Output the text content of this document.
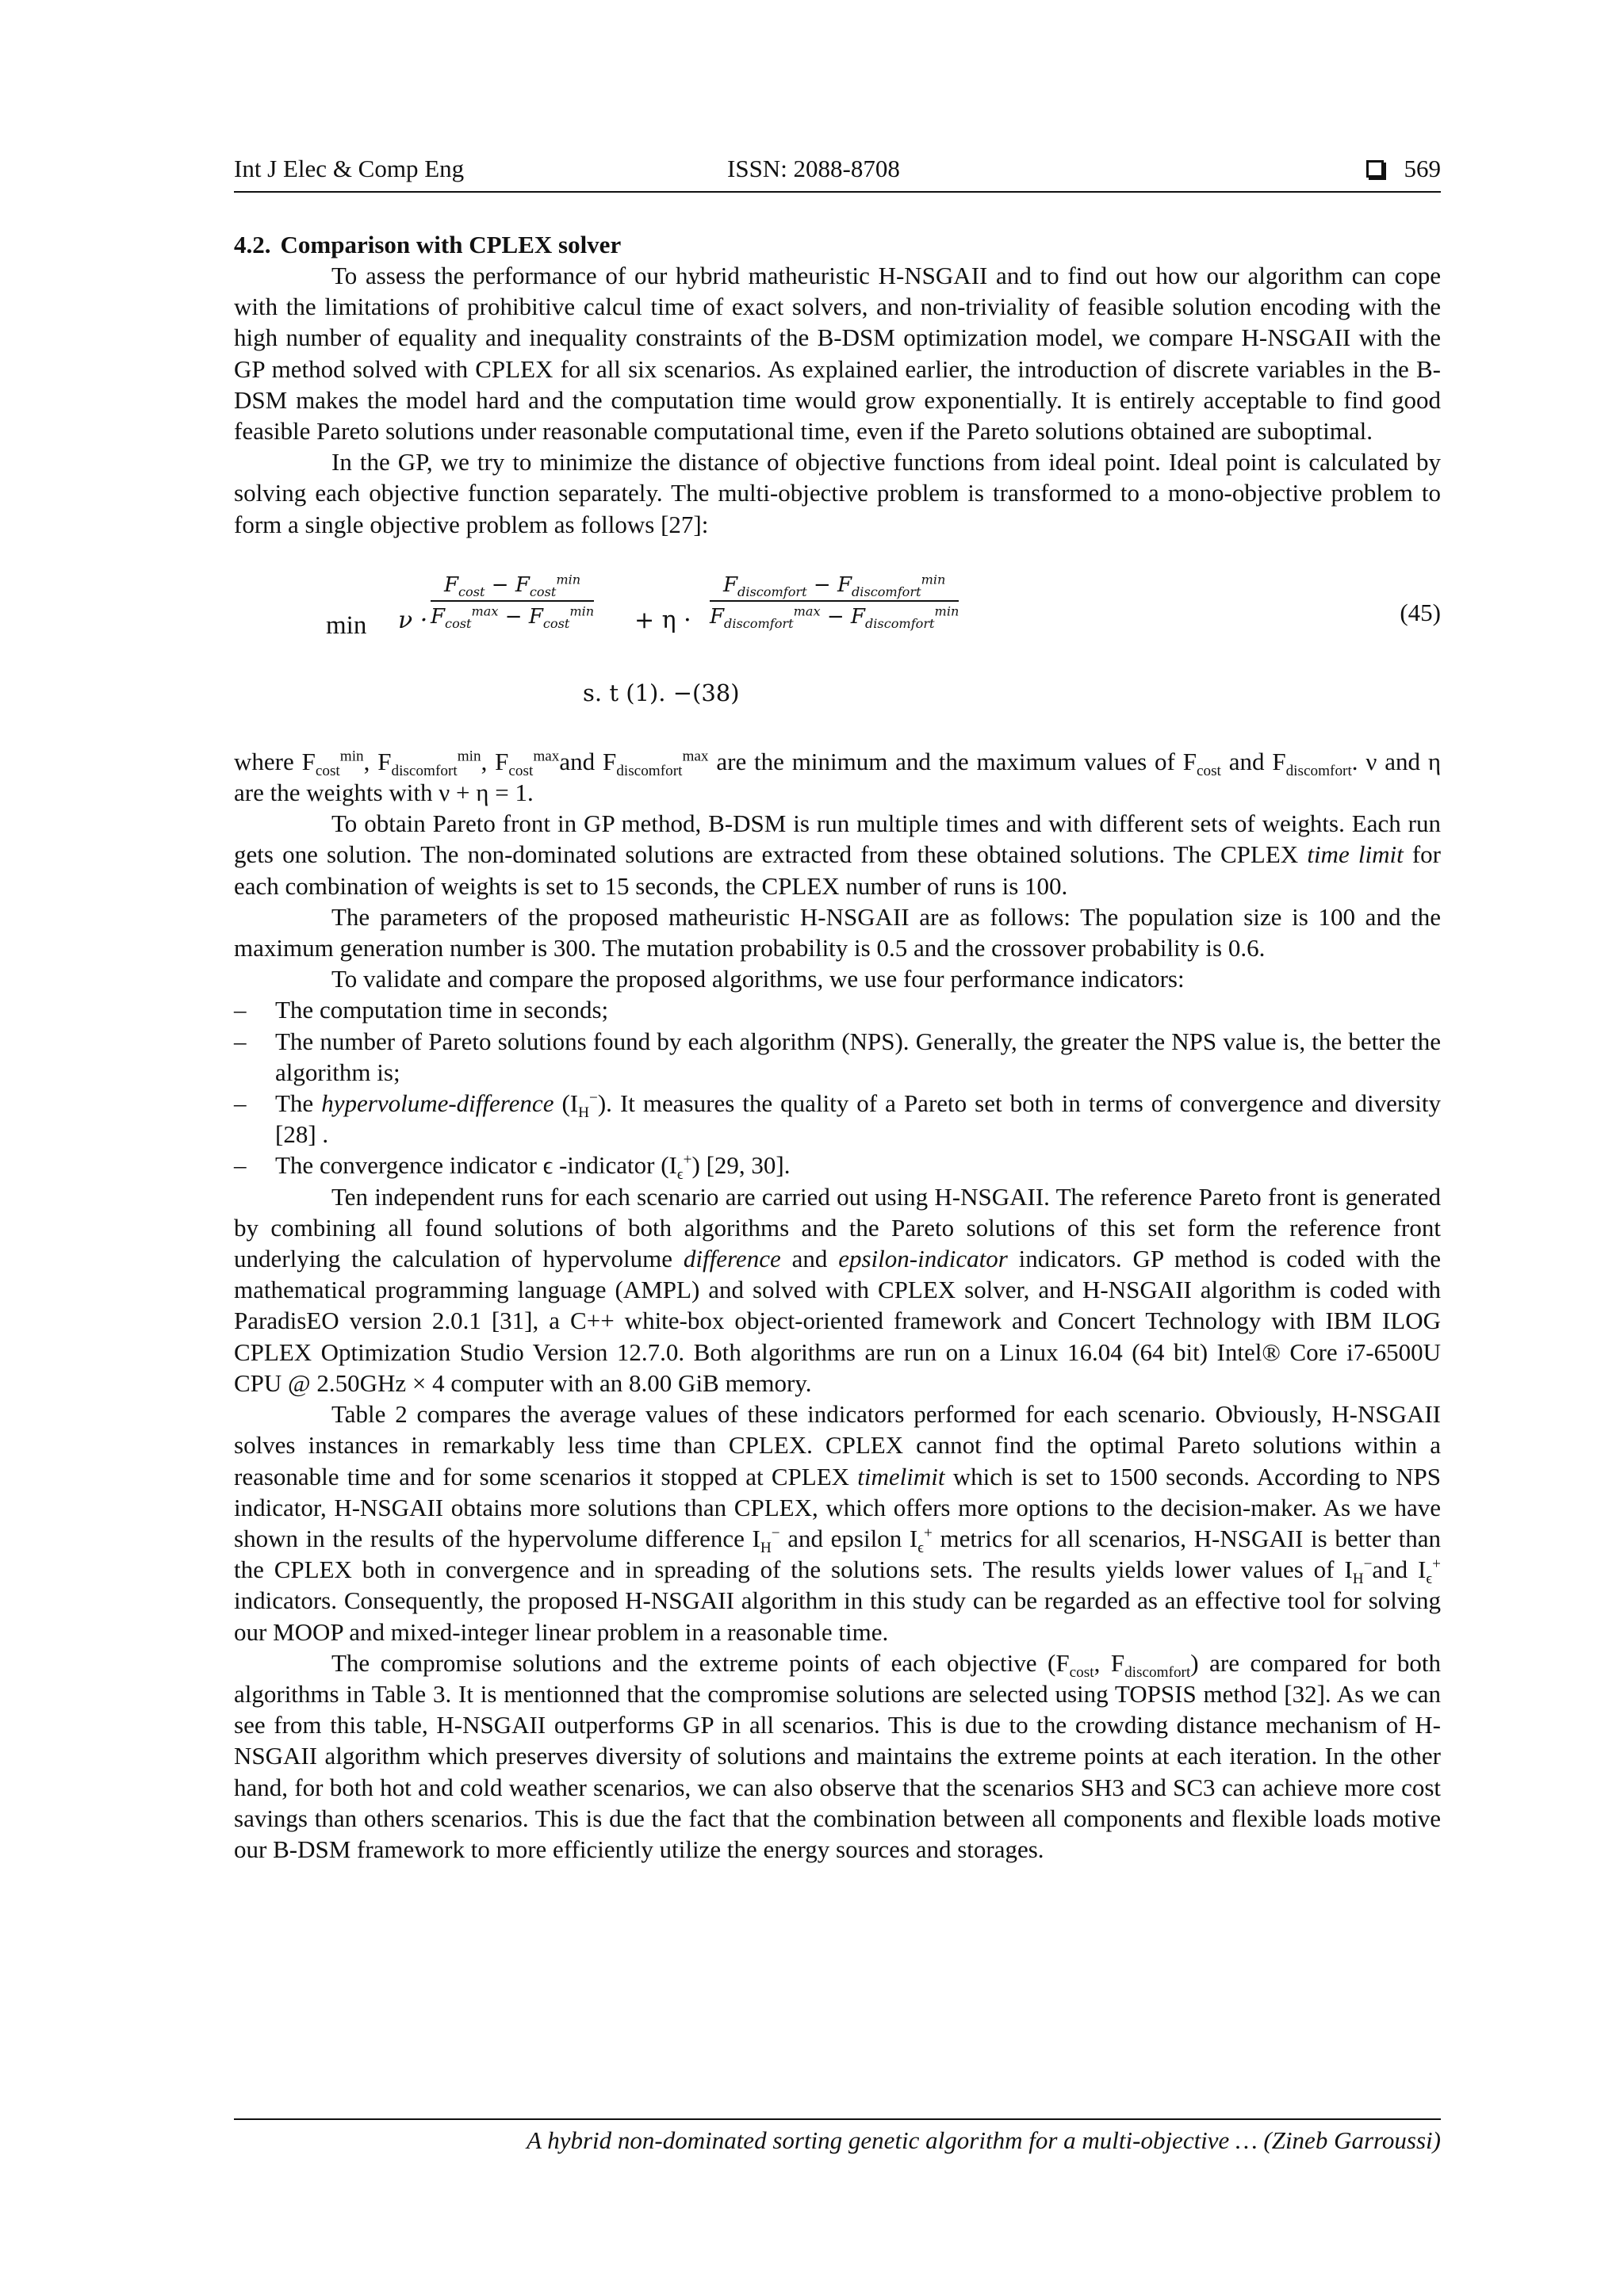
Int J Elec & Comp Eng	ISSN: 2088-8708	569
4.2. Comparison with CPLEX solver

To assess the performance of our hybrid matheuristic H-NSGAII and to find out how our algorithm can cope with the limitations of prohibitive calcul time of exact solvers, and non-triviality of feasible solution encoding with the high number of equality and inequality constraints of the B-DSM optimization model, we compare H-NSGAII with the GP method solved with CPLEX for all six scenarios. As explained earlier, the introduction of discrete variables in the B-DSM makes the model hard and the computation time would grow exponentially. It is entirely acceptable to find good feasible Pareto solutions under reasonable computational time, even if the Pareto solutions obtained are suboptimal.

In the GP, we try to minimize the distance of objective functions from ideal point. Ideal point is calculated by solving each objective function separately. The multi-objective problem is transformed to a mono-objective problem to form a single objective problem as follows [27]:

min ν ·
$F_{cost} - F_{cost}^{min}$
$F_{cost}^{max} - F_{cost}^{min} + \eta$ ·
$F_{discomfort} - F_{discomfort}^{min}$
$F_{discomfort}^{max} - F_{discomfort}^{min}$
s. t (1). −(38)
(45)

where $F_{cost}^{min}$, $F_{discomfort}^{min}$, $F_{cost}^{max}and$ $F_{discomfort}^{max}$ are the minimum and the maximum values of $F_{cost}$ and $F_{discomfort}$. ν and η are the weights with ν + η = 1.

To obtain Pareto front in GP method, B-DSM is run multiple times and with different sets of weights. Each run gets one solution. The non-dominated solutions are extracted from these obtained solutions. The CPLEX time limit for each combination of weights is set to 15 seconds, the CPLEX number of runs is 100.

The parameters of the proposed matheuristic H-NSGAII are as follows: The population size is 100 and the maximum generation number is 300. The mutation probability is 0.5 and the crossover probability is 0.6.

To validate and compare the proposed algorithms, we use four performance indicators:

– The computation time in seconds;
– The number of Pareto solutions found by each algorithm (NPS). Generally, the greater the NPS value is, the better the algorithm is;
– The hypervolume-difference $(I_H^-)$. It measures the quality of a Pareto set both in terms of convergence and diversity [28] .
– The convergence indicator ϵ -indicator $(I_\epsilon^+)$ [29, 30].

Ten independent runs for each scenario are carried out using H-NSGAII. The reference Pareto front is generated by combining all found solutions of both algorithms and the Pareto solutions of this set form the reference front underlying the calculation of hypervolume difference and epsilon-indicator indicators. GP method is coded with the mathematical programming language (AMPL) and solved with CPLEX solver, and H-NSGAII algorithm is coded with ParadisEO version 2.0.1 [31], a C++ white-box object-oriented framework and Concert Technology with IBM ILOG CPLEX Optimization Studio Version 12.7.0. Both algorithms are run on a Linux 16.04 (64 bit) Intel® Core i7-6500U CPU @ 2.50GHz × 4 computer with an 8.00 GiB memory.

Table 2 compares the average values of these indicators performed for each scenario. Obviously, H-NSGAII solves instances in remarkably less time than CPLEX. CPLEX cannot find the optimal Pareto solutions within a reasonable time and for some scenarios it stopped at CPLEX timelimit which is set to 1500 seconds. According to NPS indicator, H-NSGAII obtains more solutions than CPLEX, which offers more options to the decision-maker. As we have shown in the results of the hypervolume difference $I_H^-$ and epsilon $I_\epsilon^+$ metrics for all scenarios, H-NSGAII is better than the CPLEX both in convergence and in spreading of the solutions sets. The results yields lower values of $I_H^-and$ $I_\epsilon^+$ indicators. Consequently, the proposed H-NSGAII algorithm in this study can be regarded as an effective tool for solving our MOOP and mixed-integer linear problem in a reasonable time.

The compromise solutions and the extreme points of each objective ($F_{cost}$, $F_{discomfort}$) are compared for both algorithms in Table 3. It is mentionned that the compromise solutions are selected using TOPSIS method [32]. As we can see from this table, H-NSGAII outperforms GP in all scenarios. This is due to the crowding distance mechanism of H-NSGAII algorithm which preserves diversity of solutions and maintains the extreme points at each iteration. In the other hand, for both hot and cold weather scenarios, we can also observe that the scenarios SH3 and SC3 can achieve more cost savings than others scenarios. This is due the fact that the combination between all components and flexible loads motive our B-DSM framework to more efficiently utilize the energy sources and storages.

A hybrid non-dominated sorting genetic algorithm for a multi-objective … (Zineb Garroussi)
